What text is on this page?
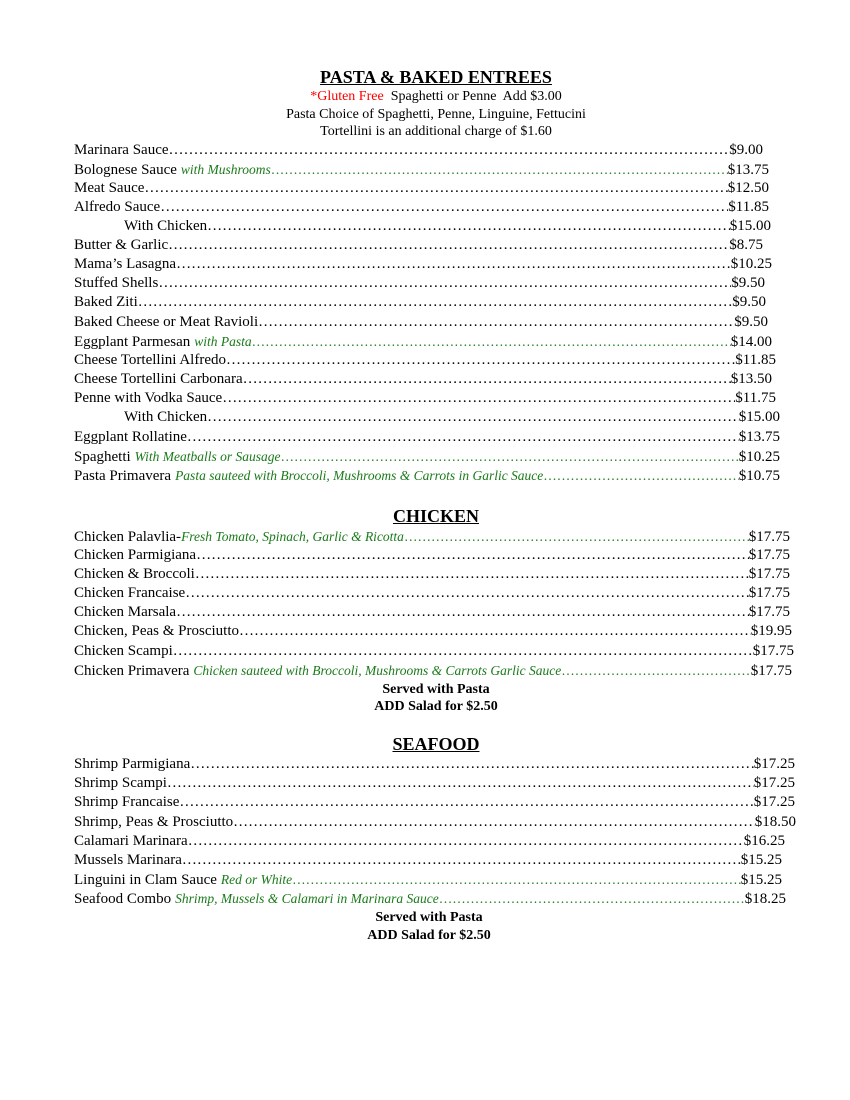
PASTA & BAKED ENTREES
*Gluten Free  Spaghetti or Penne  Add $3.00
Pasta Choice of Spaghetti, Penne, Linguine, Fettucini
Tortellini is an additional charge of $1.60
Marinara Sauce ……………………………………………………………………………………………………………………………………………………………	$9.00
Bolognese Sauce with Mushrooms ……………………………………………………………………………………………………………………………………………………………	$13.75
Meat Sauce ……………………………………………………………………………………………………………………………………………………………	$12.50
Alfredo Sauce ……………………………………………………………………………………………………………………………………………………………	$11.85
With Chicken ……………………………………………………………………………………………………………………………………………………………	$15.00
Butter & Garlic ……………………………………………………………………………………………………………………………………………………………	$8.75
Mama’s Lasagna ……………………………………………………………………………………………………………………………………………………………	$10.25
Stuffed Shells ……………………………………………………………………………………………………………………………………………………………	$9.50
Baked Ziti ……………………………………………………………………………………………………………………………………………………………	$9.50
Baked Cheese or Meat Ravioli ……………………………………………………………………………………………………………………………………………………………	$9.50
Eggplant Parmesan with Pasta ……………………………………………………………………………………………………………………………………………………………	$14.00
Cheese Tortellini Alfredo ……………………………………………………………………………………………………………………………………………………………	$11.85
Cheese Tortellini Carbonara ……………………………………………………………………………………………………………………………………………………………	$13.50
Penne with Vodka Sauce ……………………………………………………………………………………………………………………………………………………………	$11.75
With Chicken ……………………………………………………………………………………………………………………………………………………………	$15.00
Eggplant Rollatine ……………………………………………………………………………………………………………………………………………………………	$13.75
Spaghetti With Meatballs or Sausage ……………………………………………………………………………………………………………………………………………………………	$10.25
Pasta Primavera Pasta sauteed with Broccoli, Mushrooms & Carrots in Garlic Sauce ……………………………………………………………………………………………………………………………………………………………	$10.75
CHICKEN
Chicken Palavlia- Fresh Tomato, Spinach, Garlic & Ricotta ……………………………………………………………………………………………………………………………………………………………	$17.75
Chicken Parmigiana ……………………………………………………………………………………………………………………………………………………………	$17.75
Chicken & Broccoli ……………………………………………………………………………………………………………………………………………………………	$17.75
Chicken Francaise ……………………………………………………………………………………………………………………………………………………………	$17.75
Chicken Marsala ……………………………………………………………………………………………………………………………………………………………	$17.75
Chicken, Peas & Prosciutto ……………………………………………………………………………………………………………………………………………………………	$19.95
Chicken Scampi ……………………………………………………………………………………………………………………………………………………………	$17.75
Chicken Primavera Chicken sauteed with Broccoli, Mushrooms & Carrots Garlic Sauce ……………………………………………………………………………………………………………………………………………………………	$17.75
Served with Pasta
ADD Salad for $2.50
SEAFOOD
Shrimp Parmigiana ……………………………………………………………………………………………………………………………………………………………	$17.25
Shrimp Scampi ……………………………………………………………………………………………………………………………………………………………	$17.25
Shrimp Francaise ……………………………………………………………………………………………………………………………………………………………	$17.25
Shrimp, Peas & Prosciutto ……………………………………………………………………………………………………………………………………………………………	$18.50
Calamari Marinara ……………………………………………………………………………………………………………………………………………………………	$16.25
Mussels Marinara ……………………………………………………………………………………………………………………………………………………………	$15.25
Linguini in Clam Sauce Red or White ……………………………………………………………………………………………………………………………………………………………	$15.25
Seafood Combo Shrimp, Mussels & Calamari in Marinara Sauce ……………………………………………………………………………………………………………………………………………………………	$18.25
Served with Pasta
ADD Salad for $2.50
